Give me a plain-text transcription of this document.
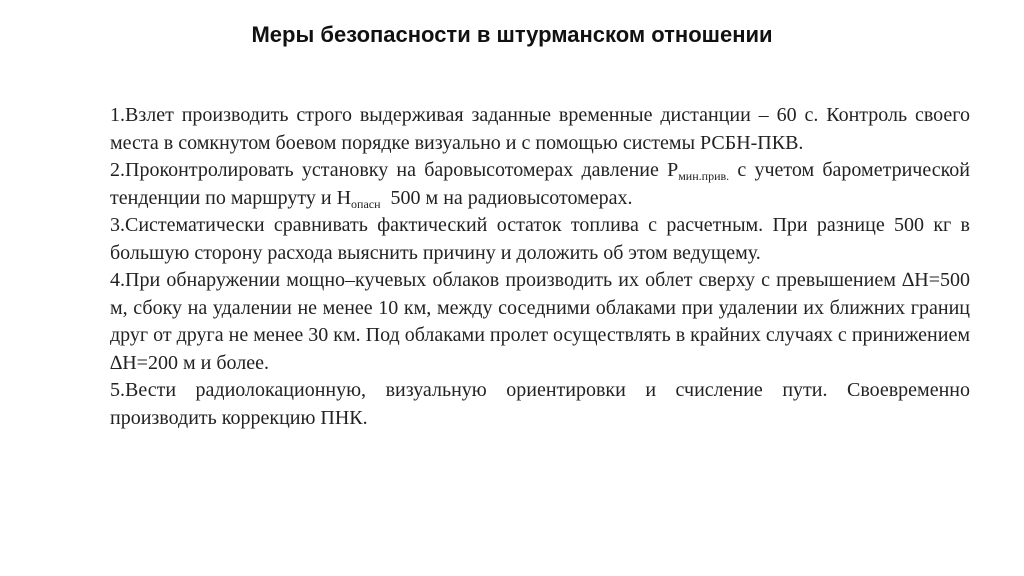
Меры безопасности в штурманском отношении

1.Взлет производить строго выдерживая заданные временные дистанции – 60 с. Контроль своего места в сомкнутом боевом порядке визуально и с помощью системы РСБН-ПКВ.

2.Проконтролировать установку на баровысотомерах давление $Р_{мин.прив.}$ с учетом барометрической    тенденции по маршруту и $Н_{опасн}$  500 м на радиовысотомерах.

3.Систематически сравнивать фактический остаток топлива с расчетным. При разнице 500 кг в большую сторону расхода выяснить причину и доложить об этом ведущему.

4.При обнаружении мощно–кучевых облаков производить их облет сверху с превышением ∆Н=500 м, сбоку на удалении не менее 10 км, между соседними облаками при удалении их ближних границ друг от друга не менее 30 км. Под облаками пролет осуществлять в крайних случаях с принижением ∆Н=200 м и более.

5.Вести радиолокационную, визуальную ориентировки и счисление пути. Своевременно производить коррекцию ПНК.
